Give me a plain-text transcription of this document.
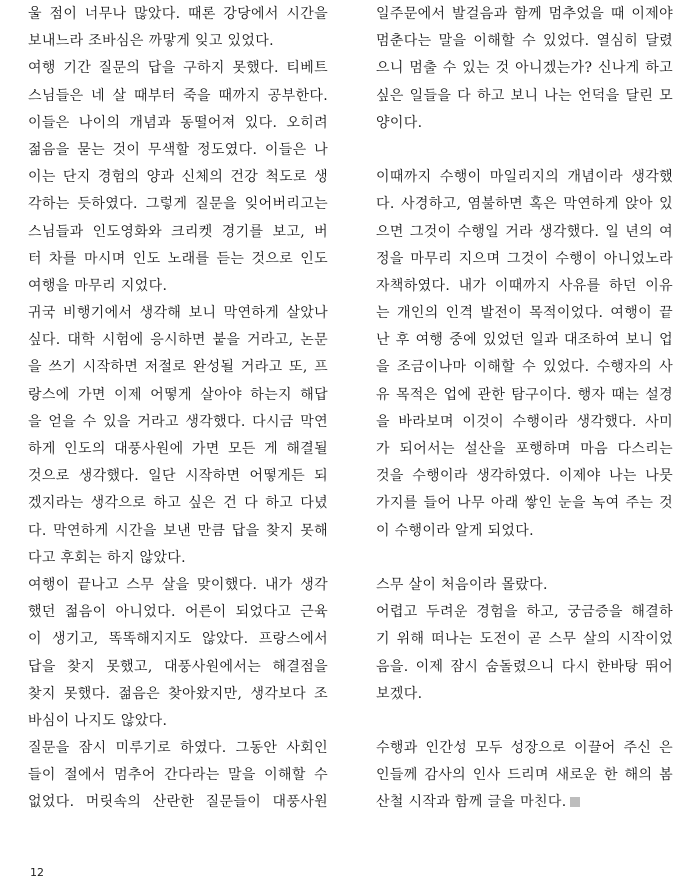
울 점이 너무나 많았다. 때론 강당에서 시간을
보내느라 조바심은 까맣게 잊고 있었다.
여행 기간 질문의 답을 구하지 못했다. 티베트
스님들은 네 살 때부터 죽을 때까지 공부한다.
이들은 나이의 개념과 동떨어져 있다. 오히려
젊음을 묻는 것이 무색할 정도였다. 이들은 나
이는 단지 경험의 양과 신체의 건강 척도로 생
각하는 듯하였다. 그렇게 질문을 잊어버리고는
스님들과 인도영화와 크리켓 경기를 보고, 버
터 차를 마시며 인도 노래를 듣는 것으로 인도
여행을 마무리 지었다.
귀국 비행기에서 생각해 보니 막연하게 살았나
싶다. 대학 시험에 응시하면 붙을 거라고, 논문
을 쓰기 시작하면 저절로 완성될 거라고 또, 프
랑스에 가면 이제 어떻게 살아야 하는지 해답
을 얻을 수 있을 거라고 생각했다. 다시금 막연
하게 인도의 대풍사원에 가면 모든 게 해결될
것으로 생각했다. 일단 시작하면 어떻게든 되
겠지라는 생각으로 하고 싶은 건 다 하고 다녔
다. 막연하게 시간을 보낸 만큼 답을 찾지 못해
다고 후회는 하지 않았다.
여행이 끝나고 스무 살을 맞이했다. 내가 생각
했던 젊음이 아니었다. 어른이 되었다고 근육
이 생기고, 똑똑해지지도 않았다. 프랑스에서
답을 찾지 못했고, 대풍사원에서는 해결점을
찾지 못했다. 젊음은 찾아왔지만, 생각보다 조
바심이 나지도 않았다.
질문을 잠시 미루기로 하였다. 그동안 사회인
들이 절에서 멈추어 간다라는 말을 이해할 수
없었다. 머릿속의 산란한 질문들이 대풍사원
일주문에서 발걸음과 함께 멈추었을 때 이제야
멈춘다는 말을 이해할 수 있었다. 열심히 달렸
으니 멈출 수 있는 것 아니겠는가? 신나게 하고
싶은 일들을 다 하고 보니 나는 언덕을 달린 모
양이다.
이때까지 수행이 마일리지의 개념이라 생각했
다. 사경하고, 염불하면 혹은 막연하게 앉아 있
으면 그것이 수행일 거라 생각했다. 일 년의 여
정을 마무리 지으며 그것이 수행이 아니었노라
자책하였다. 내가 이때까지 사유를 하던 이유
는 개인의 인격 발전이 목적이었다. 여행이 끝
난 후 여행 중에 있었던 일과 대조하여 보니 업
을 조금이나마 이해할 수 있었다. 수행자의 사
유 목적은 업에 관한 탐구이다. 행자 때는 설경
을 바라보며 이것이 수행이라 생각했다. 사미
가 되어서는 설산을 포행하며 마음 다스리는
것을 수행이라 생각하였다. 이제야 나는 나뭇
가지를 들어 나무 아래 쌓인 눈을 녹여 주는 것
이 수행이라 알게 되었다.
스무 살이 처음이라 몰랐다.
어렵고 두려운 경험을 하고, 궁금증을 해결하
기 위해 떠나는 도전이 곧 스무 살의 시작이었
음을. 이제 잠시 숨돌렸으니 다시 한바탕 뛰어
보겠다.
수행과 인간성 모두 성장으로 이끌어 주신 은
인들께 감사의 인사 드리며 새로운 한 해의 봄
산철 시작과 함께 글을 마친다.
12
